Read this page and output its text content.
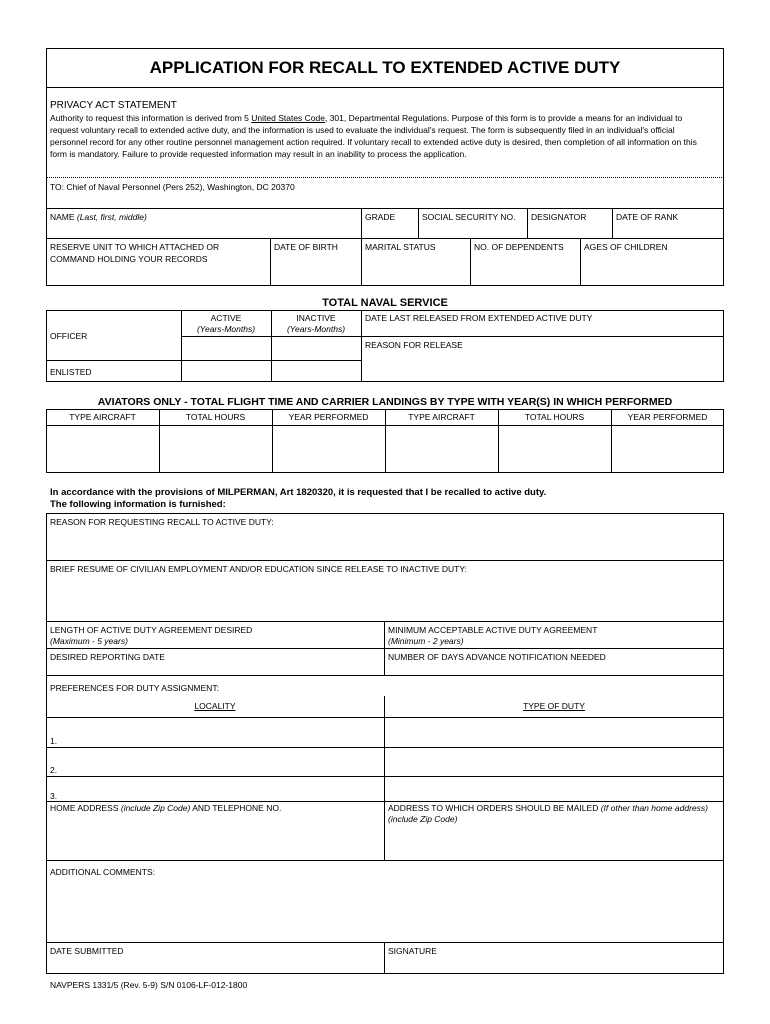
APPLICATION FOR RECALL TO EXTENDED ACTIVE DUTY
PRIVACY ACT STATEMENT
Authority to request this information is derived from 5 United States Code, 301, Departmental Regulations. Purpose of this form is to provide a means for an individual to
request voluntary recall to extended active duty, and the information is used to evaluate the individual's request. The form is subsequently filed in an individual's official
personnel record for any other routine personnel management action required. If voluntary recall to extended active duty is desired, then completion of all information on this
form is mandatory. Failure to provide requested information may result in an inability to process the application.
TO: Chief of Naval Personnel (Pers 252), Washington, DC 20370
NAME (Last, first, middle)	GRADE	SOCIAL SECURITY NO. DESIGNATOR	DATE OF RANK
RESERVE UNIT TO WHICH ATTACHED OR
COMMAND HOLDING YOUR RECORDS
DATE OF BIRTH	MARITAL STATUS	NO. OF DEPENDENTS AGES OF CHILDREN
TOTAL NAVAL SERVICE
ACTIVE
(Years-Months)
INACTIVE
(Years-Months)
OFFICER
ENLISTED
DATE LAST RELEASED FROM EXTENDED ACTIVE DUTY
REASON FOR RELEASE
AVIATORS ONLY - TOTAL FLIGHT TIME AND CARRIER LANDINGS BY TYPE WITH YEAR(S) IN WHICH PERFORMED
TYPE AIRCRAFT	TOTAL HOURS	YEAR PERFORMED	TYPE AIRCRAFT	TOTAL HOURS	YEAR PERFORMED
In accordance with the provisions of MILPERMAN, Art 1820320, it is requested that I be recalled to active duty.
The following information is furnished:
REASON FOR REQUESTING RECALL TO ACTIVE DUTY:
BRIEF RESUME OF CIVILIAN EMPLOYMENT AND/OR EDUCATION SINCE RELEASE TO INACTIVE DUTY:
LENGTH OF ACTIVE DUTY AGREEMENT DESIRED
(Maximum - 5 years)
MINIMUM ACCEPTABLE ACTIVE DUTY AGREEMENT
(Minimum - 2 years)
DESIRED REPORTING DATE	NUMBER OF DAYS ADVANCE NOTIFICATION NEEDED
PREFERENCES FOR DUTY ASSIGNMENT:
LOCALITY	TYPE OF DUTY
1.
2.
3.
HOME ADDRESS (include Zip Code) AND TELEPHONE NO.	ADDRESS TO WHICH ORDERS SHOULD BE MAILED (If other than home address)
(include Zip Code)
ADDITIONAL COMMENTS:
DATE SUBMITTED	SIGNATURE
NAVPERS 1331/5 (Rev. 5-9) S/N 0106-LF-012-1800
